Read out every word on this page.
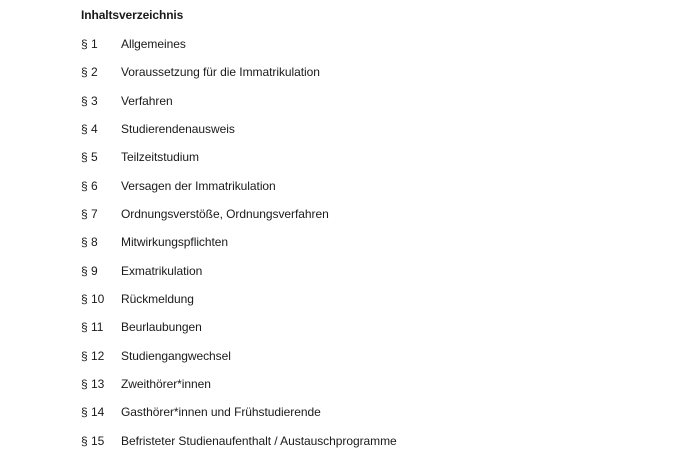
Inhaltsverzeichnis
§ 1	Allgemeines
§ 2	Voraussetzung für die Immatrikulation
§ 3	Verfahren
§ 4	Studierendenausweis
§ 5	Teilzeitstudium
§ 6	Versagen der Immatrikulation
§ 7	Ordnungsverstöße, Ordnungsverfahren
§ 8	Mitwirkungspflichten
§ 9	Exmatrikulation
§ 10	Rückmeldung
§ 11	Beurlaubungen
§ 12	Studiengangwechsel
§ 13	Zweithörer*innen
§ 14	Gasthörer*innen und Frühstudierende
§ 15	Befristeter Studienaufenthalt / Austauschprogramme
